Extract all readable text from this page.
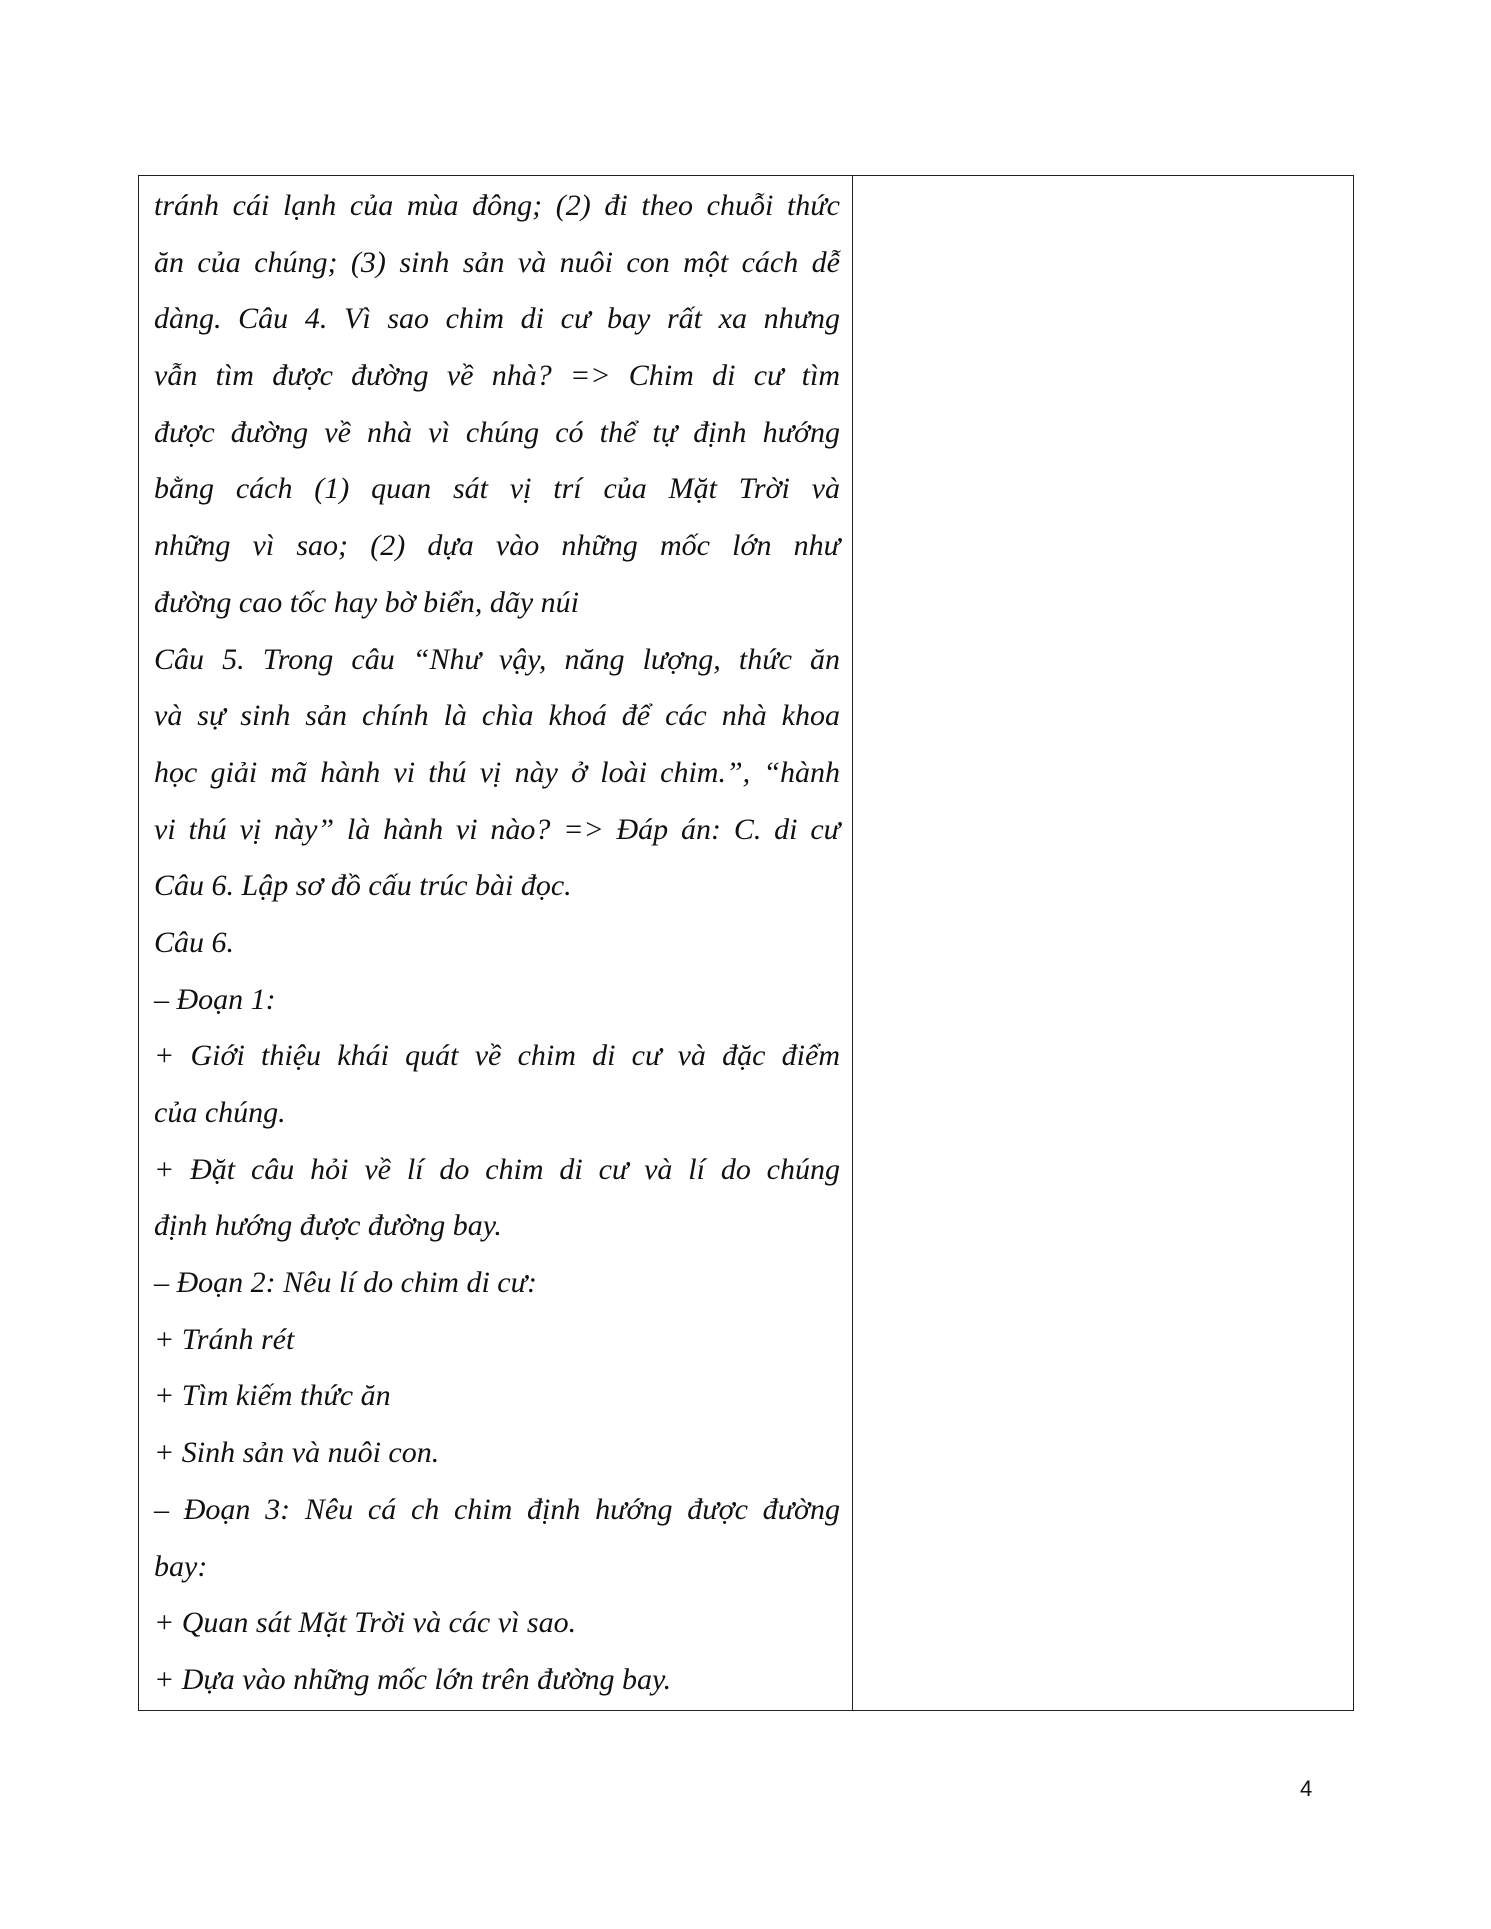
tránh cái lạnh của mùa đông; (2) đi theo chuỗi thức
ăn của chúng; (3) sinh sản và nuôi con một cách dễ
dàng. Câu 4. Vì sao chim di cư bay rất xa nhưng
vẫn tìm được đường về nhà? => Chim di cư tìm
được đường về nhà vì chúng có thể tự định hướng
bằng cách (1) quan sát vị trí của Mặt Trời và
những vì sao; (2) dựa vào những mốc lớn như
đường cao tốc hay bờ biển, dãy núi
Câu 5. Trong câu “Như vậy, năng lượng, thức ăn
và sự sinh sản chính là chìa khoá để các nhà khoa
học giải mã hành vi thú vị này ở loài chim.”, “hành
vi thú vị này” là hành vi nào? => Đáp án: C. di cư
Câu 6. Lập sơ đồ cấu trúc bài đọc.
Câu 6.
– Đoạn 1:
+ Giới thiệu khái quát về chim di cư và đặc điểm
của chúng.
+ Đặt câu hỏi về lí do chim di cư và lí do chúng
định hướng được đường bay.
– Đoạn 2: Nêu lí do chim di cư:
+ Tránh rét
+ Tìm kiếm thức ăn
+ Sinh sản và nuôi con.
– Đoạn 3: Nêu cá ch chim định hướng được đường
bay:
+ Quan sát Mặt Trời và các vì sao.
+ Dựa vào những mốc lớn trên đường bay.
4
